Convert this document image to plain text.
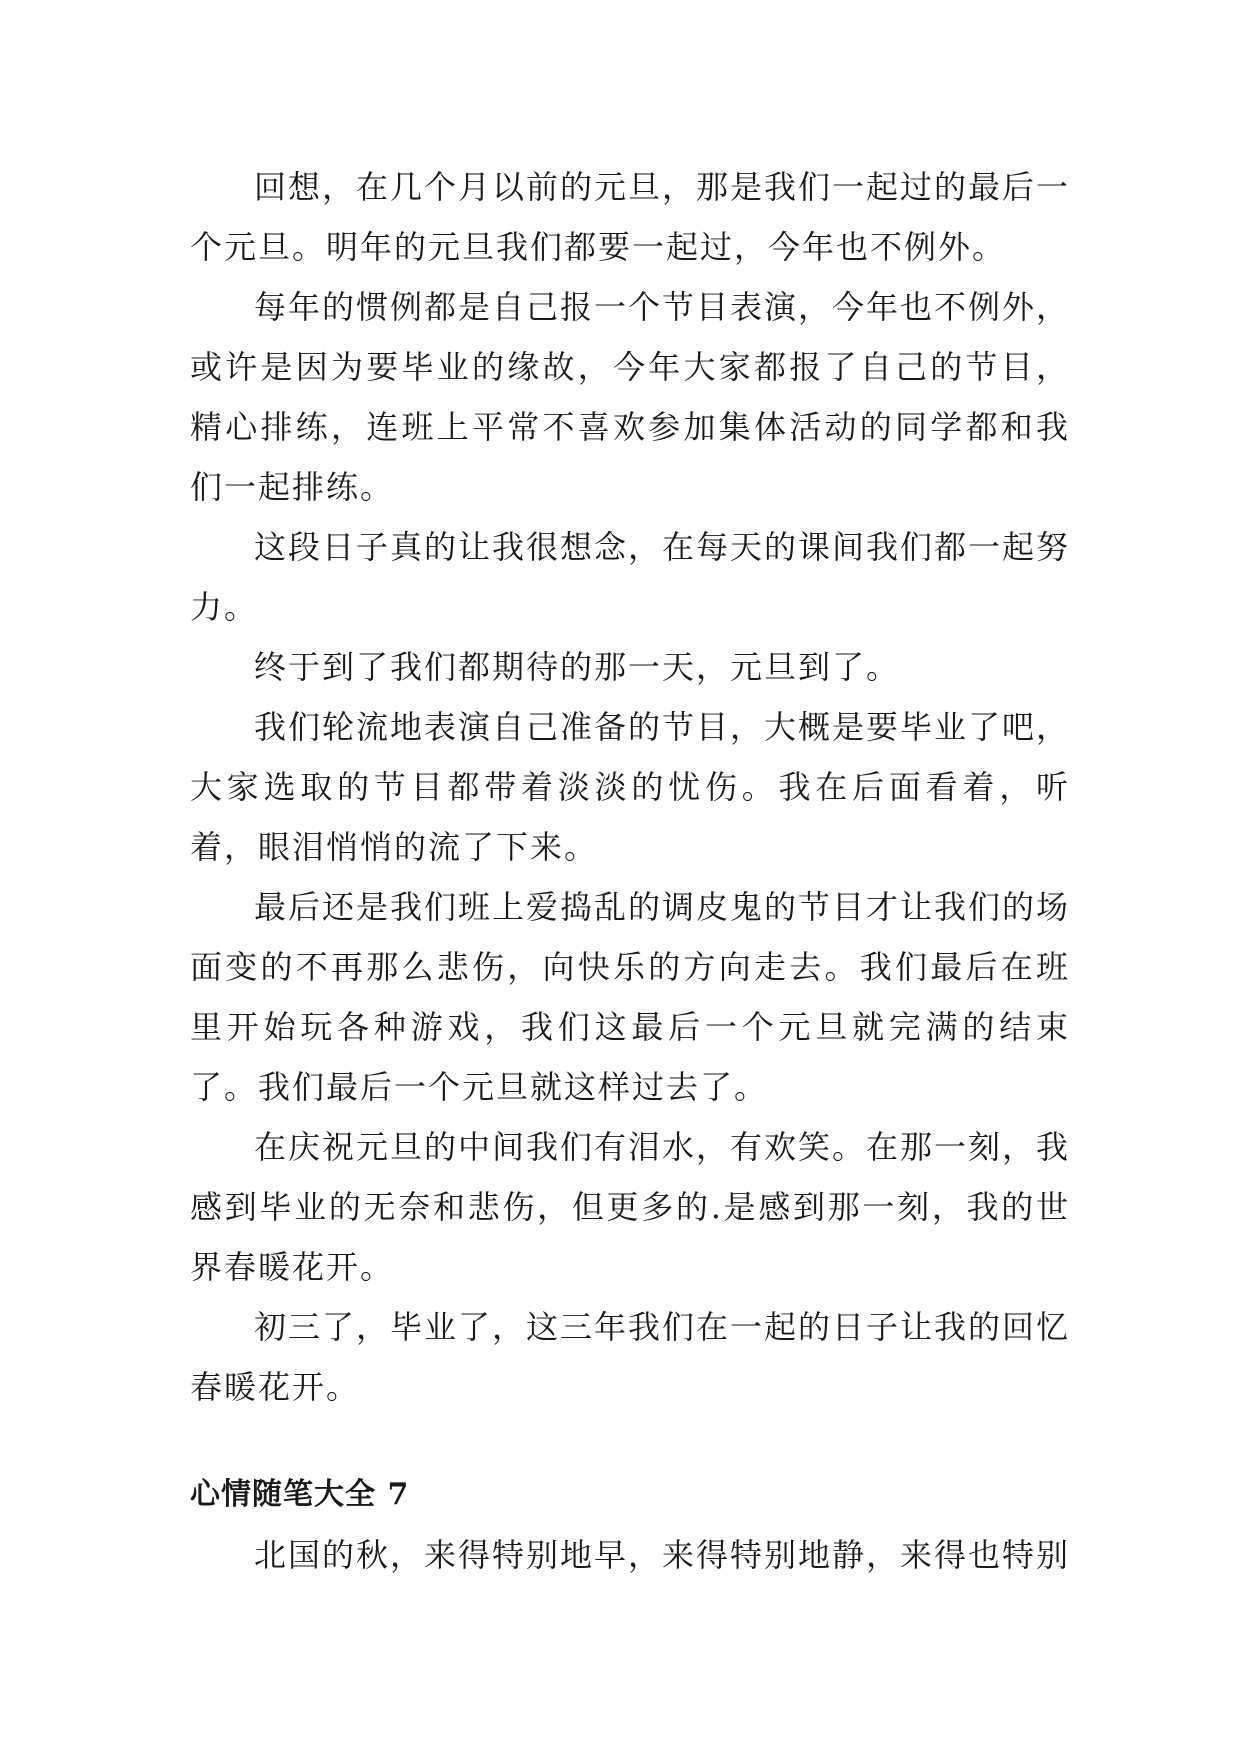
回想，在几个月以前的元旦，那是我们一起过的最后一个元旦。明年的元旦我们都要一起过，今年也不例外。

每年的惯例都是自己报一个节目表演，今年也不例外，或许是因为要毕业的缘故，今年大家都报了自己的节目，精心排练，连班上平常不喜欢参加集体活动的同学都和我们一起排练。

这段日子真的让我很想念，在每天的课间我们都一起努力。

终于到了我们都期待的那一天，元旦到了。

我们轮流地表演自己准备的节目，大概是要毕业了吧，大家选取的节目都带着淡淡的忧伤。我在后面看着，听着，眼泪悄悄的流了下来。

最后还是我们班上爱捣乱的调皮鬼的节目才让我们的场面变的不再那么悲伤，向快乐的方向走去。我们最后在班里开始玩各种游戏，我们这最后一个元旦就完满的结束了。我们最后一个元旦就这样过去了。

在庆祝元旦的中间我们有泪水，有欢笑。在那一刻，我感到毕业的无奈和悲伤，但更多的.是感到那一刻，我的世界春暖花开。

初三了，毕业了，这三年我们在一起的日子让我的回忆春暖花开。

心情随笔大全 7

北国的秋，来得特别地早，来得特别地静，来得也特别
